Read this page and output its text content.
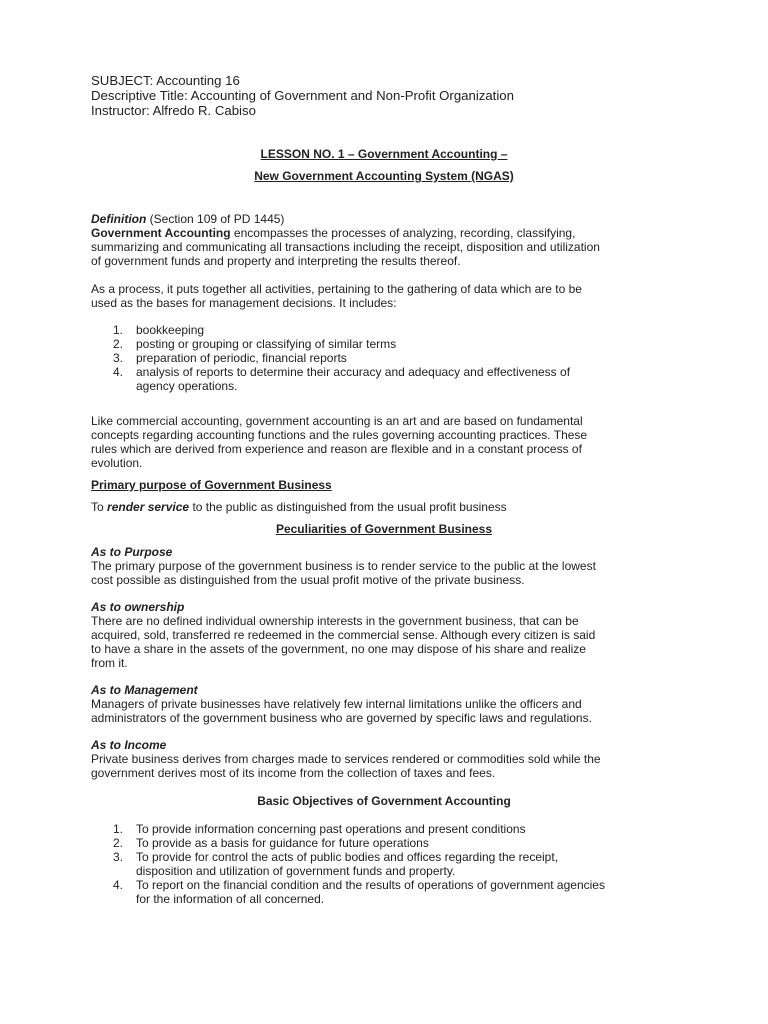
SUBJECT: Accounting 16
Descriptive Title: Accounting of Government and Non-Profit Organization
Instructor: Alfredo R. Cabiso
LESSON NO. 1 – Government Accounting –
New Government Accounting System (NGAS)
Definition (Section 109 of PD 1445)
Government Accounting encompasses the processes of analyzing, recording, classifying,
summarizing and communicating all transactions including the receipt, disposition and utilization
of government funds and property and interpreting the results thereof.
As a process, it puts together all activities, pertaining to the gathering of data which are to be
used as the bases for management decisions. It includes:
1. bookkeeping
2. posting or grouping or classifying of similar terms
3. preparation of periodic, financial reports
4. analysis of reports to determine their accuracy and adequacy and effectiveness of
agency operations.
Like commercial accounting, government accounting is an art and are based on fundamental
concepts regarding accounting functions and the rules governing accounting practices. These
rules which are derived from experience and reason are flexible and in a constant process of
evolution.
Primary purpose of Government Business
To render service to the public as distinguished from the usual profit business
Peculiarities of Government Business
As to Purpose
The primary purpose of the government business is to render service to the public at the lowest
cost possible as distinguished from the usual profit motive of the private business.
As to ownership
There are no defined individual ownership interests in the government business, that can be
acquired, sold, transferred re redeemed in the commercial sense. Although every citizen is said
to have a share in the assets of the government, no one may dispose of his share and realize
from it.
As to Management
Managers of private businesses have relatively few internal limitations unlike the officers and
administrators of the government business who are governed by specific laws and regulations.
As to Income
Private business derives from charges made to services rendered or commodities sold while the
government derives most of its income from the collection of taxes and fees.
Basic Objectives of Government Accounting
1. To provide information concerning past operations and present conditions
2. To provide as a basis for guidance for future operations
3. To provide for control the acts of public bodies and offices regarding the receipt,
disposition and utilization of government funds and property.
4. To report on the financial condition and the results of operations of government agencies
for the information of all concerned.
